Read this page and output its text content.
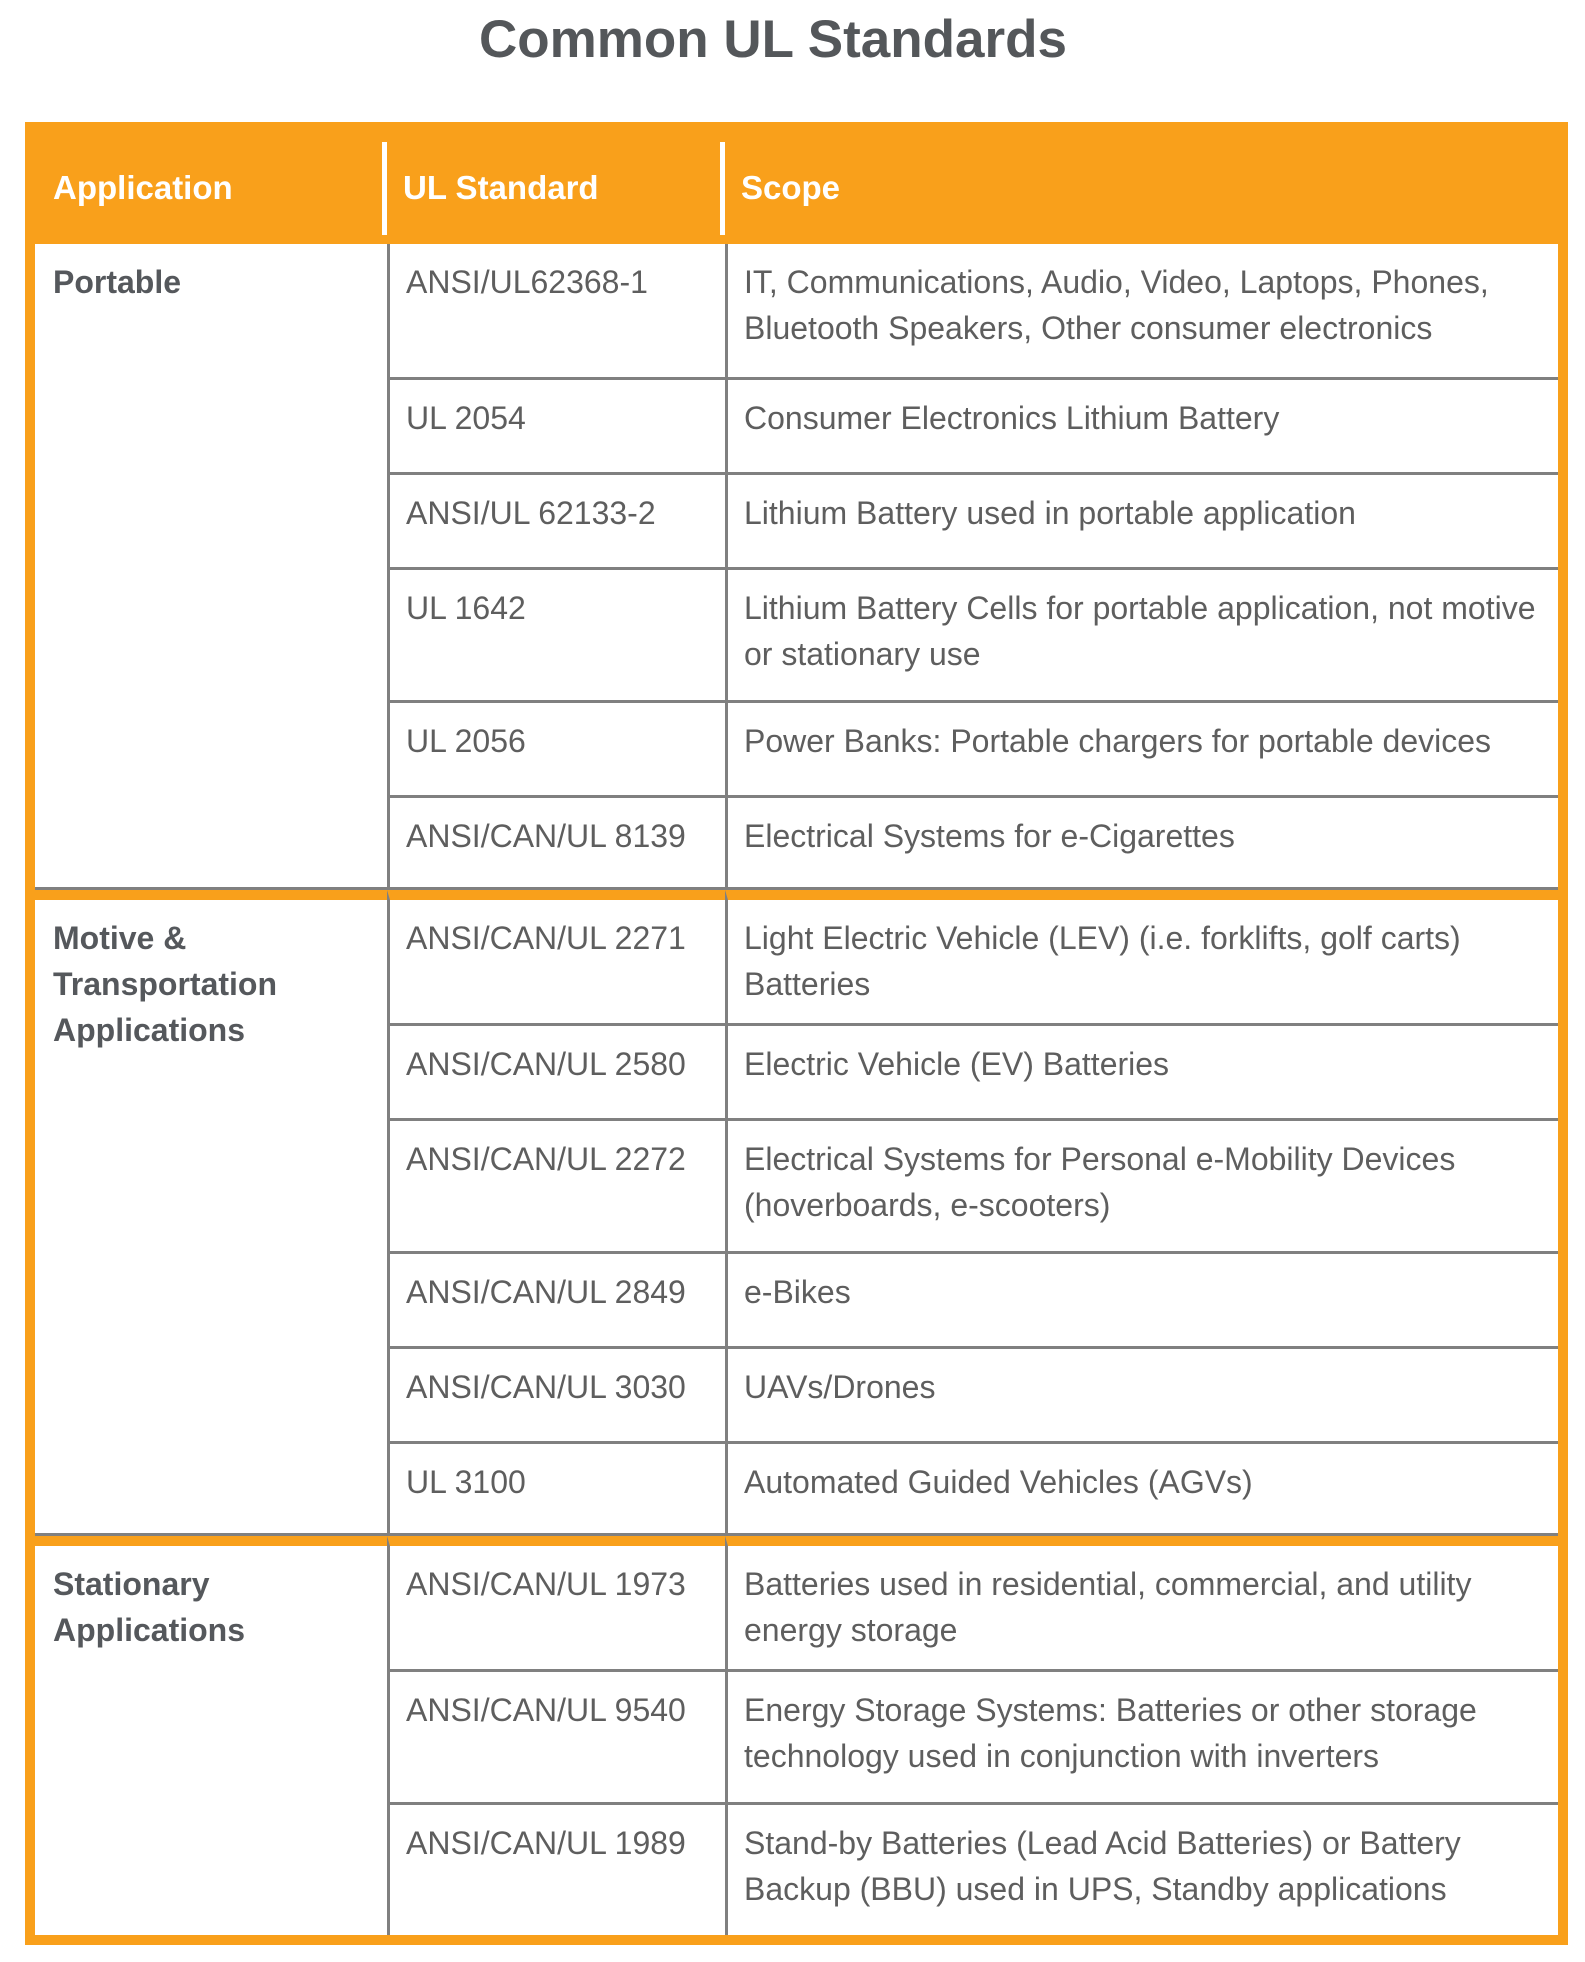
Common UL Standards
Application	UL Standard	Scope
Portable	ANSI/UL62368-1	IT, Communications, Audio, Video, Laptops, Phones, Bluetooth Speakers, Other consumer electronics
	UL 2054	Consumer Electronics Lithium Battery
	ANSI/UL 62133-2	Lithium Battery used in portable application
	UL 1642	Lithium Battery Cells for portable application, not motive or stationary use
	UL 2056	Power Banks: Portable chargers for portable devices
	ANSI/CAN/UL 8139	Electrical Systems for e-Cigarettes
Motive & Transportation Applications	ANSI/CAN/UL 2271	Light Electric Vehicle (LEV) (i.e. forklifts, golf carts) Batteries
	ANSI/CAN/UL 2580	Electric Vehicle (EV) Batteries
	ANSI/CAN/UL 2272	Electrical Systems for Personal e-Mobility Devices (hoverboards, e-scooters)
	ANSI/CAN/UL 2849	e-Bikes
	ANSI/CAN/UL 3030	UAVs/Drones
	UL 3100	Automated Guided Vehicles (AGVs)
Stationary Applications	ANSI/CAN/UL 1973	Batteries used in residential, commercial, and utility energy storage
	ANSI/CAN/UL 9540	Energy Storage Systems: Batteries or other storage technology used in conjunction with inverters
	ANSI/CAN/UL 1989	Stand-by Batteries (Lead Acid Batteries) or Battery Backup (BBU) used in UPS, Standby applications
